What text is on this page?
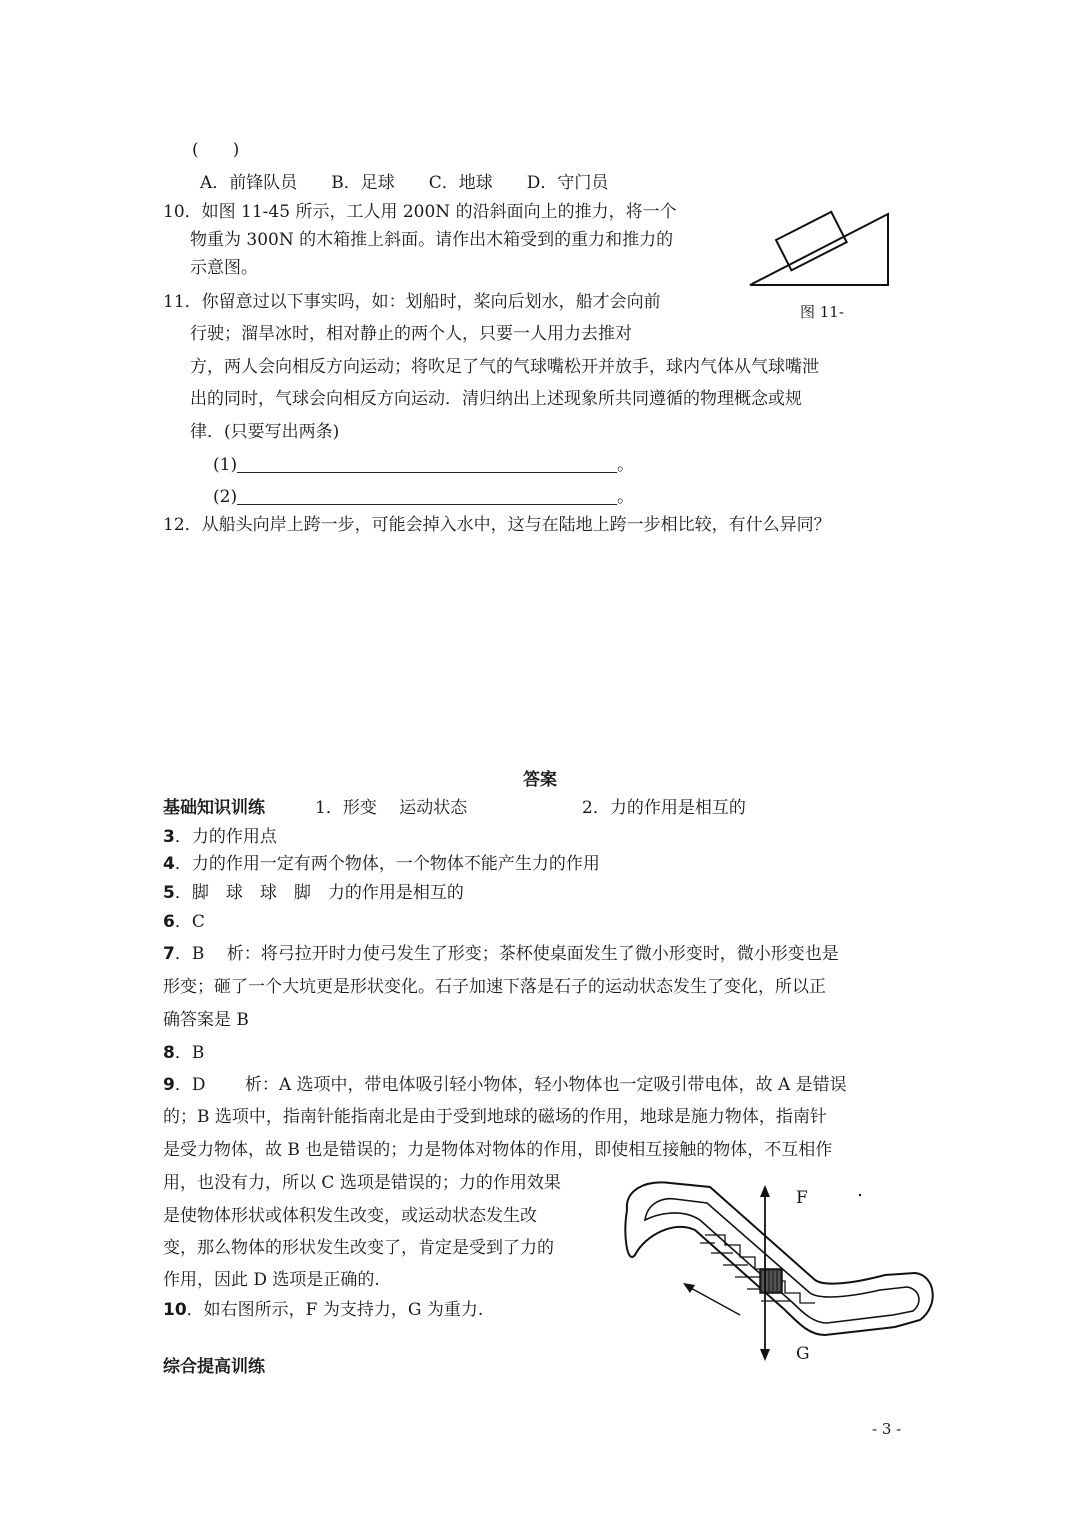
(　　)
A．前锋队员　　B．足球　　C．地球　　D．守门员
10．如图 11-45 所示，工人用 200N 的沿斜面向上的推力，将一个
物重为 300N 的木箱推上斜面。请作出木箱受到的重力和推力的
示意图。
图 11-
11．你留意过以下事实吗，如：划船时，桨向后划水，船才会向前
行驶；溜旱冰时，相对静止的两个人，只要一人用力去推对
方，两人会向相反方向运动；将吹足了气的气球嘴松开并放手，球内气体从气球嘴泄
出的同时，气球会向相反方向运动．清归纳出上述现象所共同遵循的物理概念或规
律．(只要写出两条)
(1)	。
(2)	。
12．从船头向岸上跨一步，可能会掉入水中，这与在陆地上跨一步相比较，有什么异同？
答案
基础知识训练	1．形变　 运动状态	2．力的作用是相互的
3．力的作用点
4．力的作用一定有两个物体，一个物体不能产生力的作用
5．脚　球　球　脚　力的作用是相互的
6．C
7．B　 析：将弓拉开时力使弓发生了形变；茶杯使桌面发生了微小形变时，微小形变也是
形变；砸了一个大坑更是形状变化。石子加速下落是石子的运动状态发生了变化，所以正
确答案是 B
8．B
9．D　　 析：A 选项中，带电体吸引轻小物体，轻小物体也一定吸引带电体，故 A 是错误
的；B 选项中，指南针能指南北是由于受到地球的磁场的作用，地球是施力物体，指南针
是受力物体，故 B 也是错误的；力是物体对物体的作用，即使相互接触的物体，不互相作
用，也没有力，所以 C 选项是错误的；力的作用效果
是使物体形状或体积发生改变，或运动状态发生改
变，那么物体的形状发生改变了，肯定是受到了力的
作用，因此 D 选项是正确的.
10．如右图所示，F 为支持力，G 为重力.
综合提高训练
F
G
- 3 -
